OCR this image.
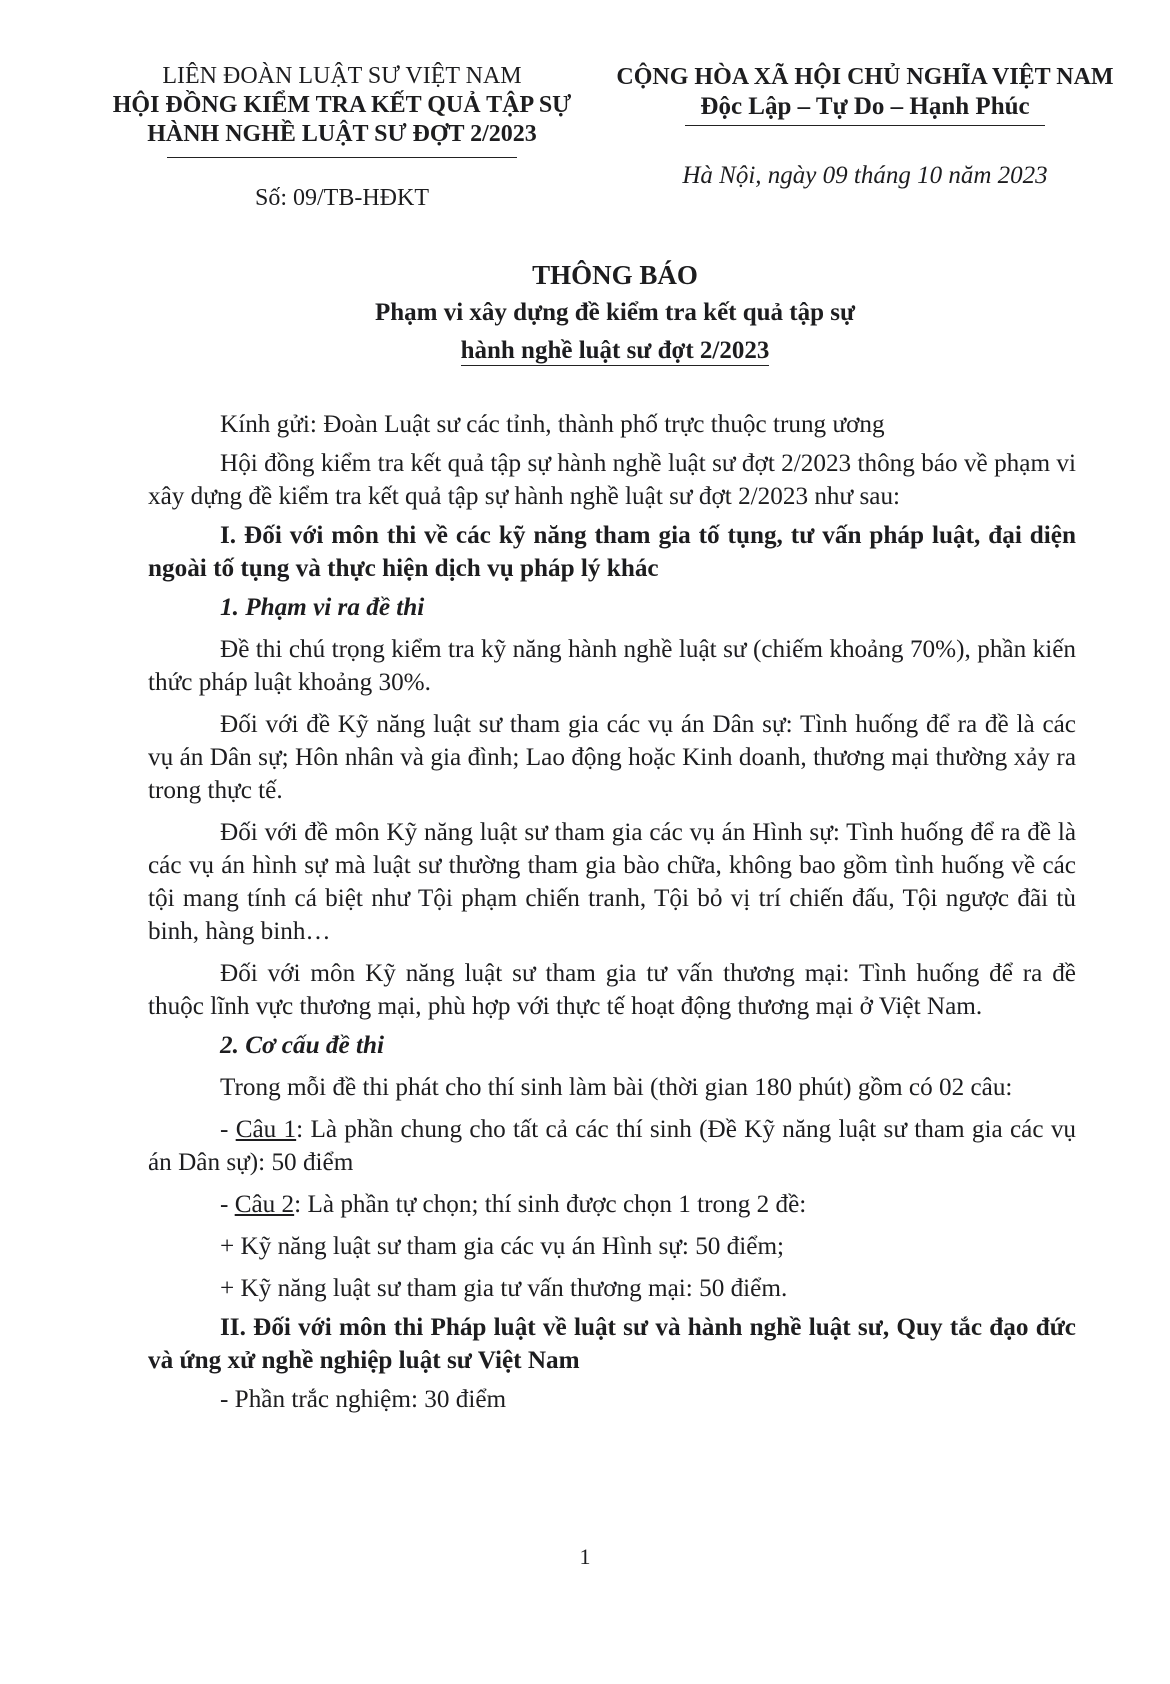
LIÊN ĐOÀN LUẬT SƯ VIỆT NAM
HỘI ĐỒNG KIỂM TRA KẾT QUẢ TẬP SỰ
HÀNH NGHỀ LUẬT SƯ ĐỢT 2/2023
Số: 09/TB-HĐKT
CỘNG HÒA XÃ HỘI CHỦ NGHĨA VIỆT NAM
Độc Lập – Tự Do – Hạnh Phúc
Hà Nội, ngày 09 tháng 10 năm 2023
THÔNG BÁO
Phạm vi xây dựng đề kiểm tra kết quả tập sự
hành nghề luật sư đợt 2/2023

Kính gửi: Đoàn Luật sư các tỉnh, thành phố trực thuộc trung ương

Hội đồng kiểm tra kết quả tập sự hành nghề luật sư đợt 2/2023 thông báo về phạm vi xây dựng đề kiểm tra kết quả tập sự hành nghề luật sư đợt 2/2023 như sau:

I. Đối với môn thi về các kỹ năng tham gia tố tụng, tư vấn pháp luật, đại diện ngoài tố tụng và thực hiện dịch vụ pháp lý khác

1. Phạm vi ra đề thi

Đề thi chú trọng kiểm tra kỹ năng hành nghề luật sư (chiếm khoảng 70%), phần kiến thức pháp luật khoảng 30%.

Đối với đề Kỹ năng luật sư tham gia các vụ án Dân sự: Tình huống để ra đề là các vụ án Dân sự; Hôn nhân và gia đình; Lao động hoặc Kinh doanh, thương mại thường xảy ra trong thực tế.

Đối với đề môn Kỹ năng luật sư tham gia các vụ án Hình sự: Tình huống để ra đề là các vụ án hình sự mà luật sư thường tham gia bào chữa, không bao gồm tình huống về các tội mang tính cá biệt như Tội phạm chiến tranh, Tội bỏ vị trí chiến đấu, Tội ngược đãi tù binh, hàng binh…

Đối với môn Kỹ năng luật sư tham gia tư vấn thương mại: Tình huống để ra đề thuộc lĩnh vực thương mại, phù hợp với thực tế hoạt động thương mại ở Việt Nam.

2. Cơ cấu đề thi

Trong mỗi đề thi phát cho thí sinh làm bài (thời gian 180 phút) gồm có 02 câu:

- Câu 1: Là phần chung cho tất cả các thí sinh (Đề Kỹ năng luật sư tham gia các vụ án Dân sự): 50 điểm

- Câu 2: Là phần tự chọn; thí sinh được chọn 1 trong 2 đề:

+ Kỹ năng luật sư tham gia các vụ án Hình sự: 50 điểm;

+ Kỹ năng luật sư tham gia tư vấn thương mại: 50 điểm.

II. Đối với môn thi Pháp luật về luật sư và hành nghề luật sư, Quy tắc đạo đức và ứng xử nghề nghiệp luật sư Việt Nam

- Phần trắc nghiệm: 30 điểm

1
